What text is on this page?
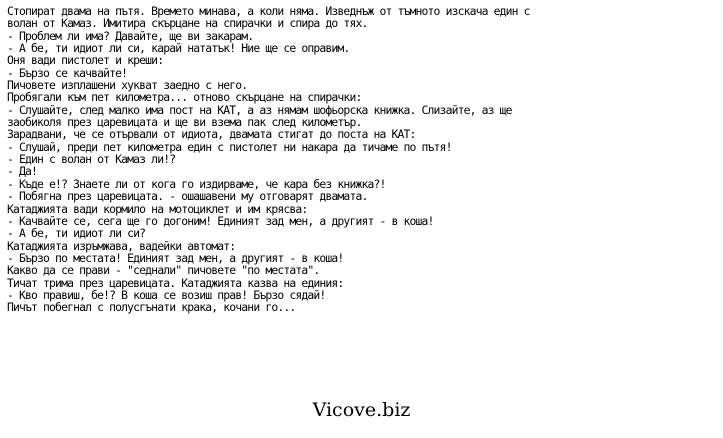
Стопират двама на пътя. Времето минава, а коли няма. Изведнъж от тъмното изскача един с
волан от Камаз. Имитира скърцане на спирачки и спира до тях.
- Проблем ли има? Давайте, ще ви закарам.
- А бе, ти идиот ли си, карай нататък! Ние ще се оправим.
Оня вади пистолет и креши:
- Бързо се качвайте!
Пичовете изплашени хукват заедно с него.
Пробягали към пет километра... отново скърцане на спирачки:
- Слушайте, след малко има пост на КАТ, а аз нямам шофьорска книжка. Слизайте, аз ще
заобиколя през царевицата и ще ви взема пак след километър.
Зарадвани, че се отървали от идиота, двамата стигат до поста на КАТ:
- Слушай, преди пет километра един с пистолет ни накара да тичаме по пътя!
- Един с волан от Камаз ли!?
- Да!
- Къде е!? Знаете ли от кога го издирваме, че кара без книжка?!
- Побягна през царевицата. - ошашавени му отговарят двамата.
Катаджията вади кормило на мотоциклет и им крясва:
- Качвайте се, сега ще го догоним! Единият зад мен, а другият - в коша!
- А бе, ти идиот ли си?
Катаджията изръмжава, вадейки автомат:
- Бързо по местата! Единият зад мен, а другият - в коша!
Какво да се прави - "седнали" пичовете "по местата".
Тичат трима през царевицата. Катаджията казва на единия:
- Кво правиш, бе!? В коша се возиш прав! Бързо сядай!
Пичът побегнал с полусгънати крака, кочани го...
Vicove.biz
